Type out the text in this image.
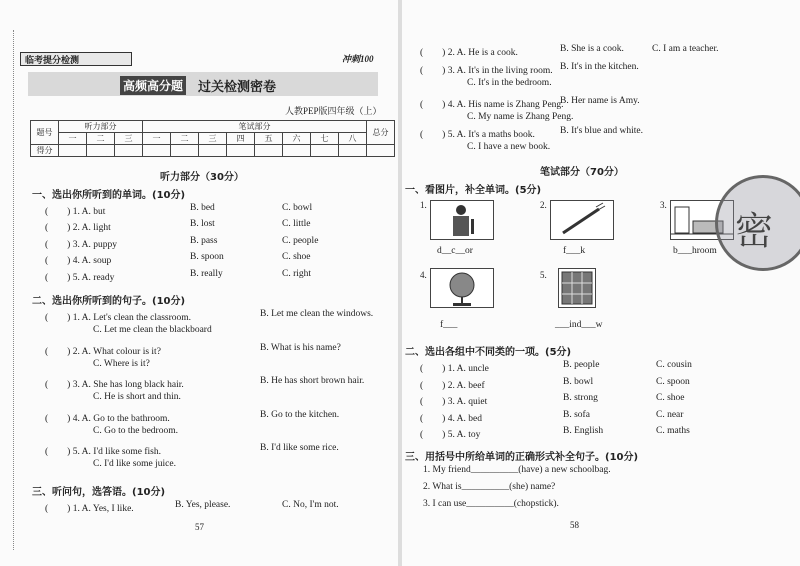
临考提分检测	冲刺100
高频高分题 过关检测密卷
人教PEP版四年级（上）
题号	听力部分			笔试部分								总分
	一	二	三	一	二	三	四	五	六	七	八	
得分												
听力部分（30分）
一、选出你所听到的单词。(10分)
(　　) 1. A. but	B. bed	C. bowl
(　　) 2. A. light	B. lost	C. little
(　　) 3. A. puppy	B. pass	C. people
(　　) 4. A. soup	B. spoon	C. shoe
(　　) 5. A. ready	B. really	C. right
二、选出你所听到的句子。(10分)
(　　) 1. A. Let's clean the classroom.	B. Let me clean the windows.
C. Let me clean the blackboard
(　　) 2. A. What colour is it?	B. What is his name?
C. Where is it?
(　　) 3. A. She has long black hair.	B. He has short brown hair.
C. He is short and thin.
(　　) 4. A. Go to the bathroom.	B. Go to the kitchen.
C. Go to the bedroom.
(　　) 5. A. I'd like some fish.	B. I'd like some rice.
C. I'd like some juice.
三、听问句，选答语。(10分)
(　　) 1. A. Yes, I like.	B. Yes, please.	C. No, I'm not.
57
(　　) 2. A. He is a cook.	B. She is a cook.	C. I am a teacher.
(　　) 3. A. It's in the living room. B. It's in the kitchen.
C. It's in the bedroom.
(　　) 4. A. His name is Zhang Peng.
B. Her name is Amy.
C. My name is Zhang Peng.
(　　) 5. A. It's a maths book.	B. It's blue and white.
C. I have a new book.
笔试部分（70分）
一、看图片，补全单词。(5分)
1.
d__c__or
2.
f___k
3.
b___hroom
4.
f___
5.
___ind___w
密
二、选出各组中不同类的一项。(5分)
(　　) 1. A. uncle	B. people	C. cousin
(　　) 2. A. beef	B. bowl	C. spoon
(　　) 3. A. quiet	B. strong	C. shoe
(　　) 4. A. bed	B. sofa	C. near
(　　) 5. A. toy	B. English	C. maths
三、用括号中所给单词的正确形式补全句子。(10分)
1. My friend__________(have) a new schoolbag.
2. What is__________(she) name?
3. I can use__________(chopstick).
58
